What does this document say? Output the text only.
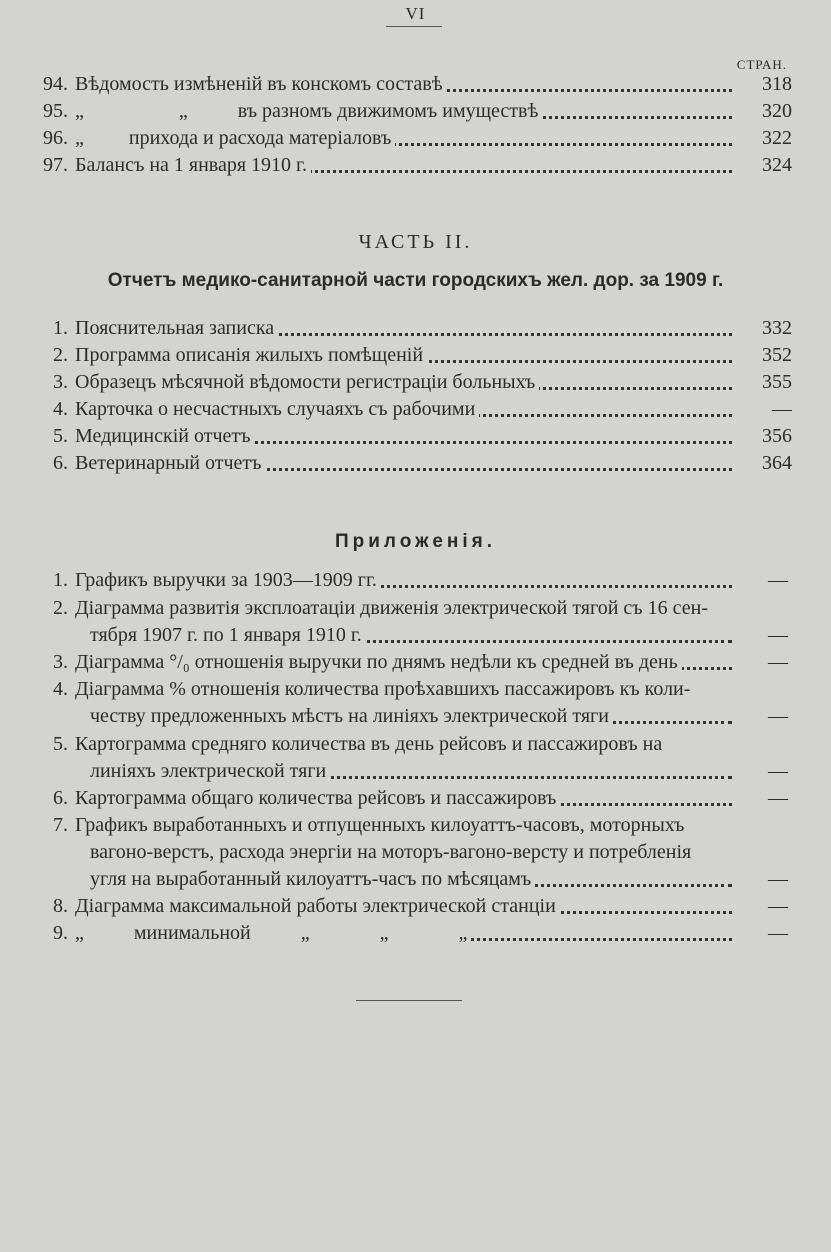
VI
СТРАН.
94. Вѣдомость измѣненій въ конскомъ составѣ	318
95. „                   „          въ разномъ движимомъ имуществѣ	320
96. „         прихода и расхода матеріаловъ	322
97. Балансъ на 1 января 1910 г.	324
ЧАСТЬ II.
Отчетъ медико-санитарной части городскихъ жел. дор. за 1909 г.
1. Пояснительная записка	332
2. Программа описанія жилыхъ помѣщеній	352
3. Образецъ мѣсячной вѣдомости регистраціи больныхъ	355
4. Карточка о несчастныхъ случаяхъ съ рабочими	—
5. Медицинскій отчетъ	356
6. Ветеринарный отчетъ	364
Приложенія.
1. Графикъ выручки за 1903—1909 гг.	—
2. Діаграмма развитія эксплоатаціи движенія электрической тягой съ 16 сен-
тября 1907 г. по 1 января 1910 г.	—
3. Діаграмма °/₀ отношенія выручки по днямъ недѣли къ средней въ день	—
4. Діаграмма % отношенія количества проѣхавшихъ пассажировъ къ коли-
честву предложенныхъ мѣстъ на линіяхъ электрической тяги	—
5. Картограмма средняго количества въ день рейсовъ и пассажировъ на
линіяхъ электрической тяги	—
6. Картограмма общаго количества рейсовъ и пассажировъ	—
7. Графикъ выработанныхъ и отпущенныхъ килоуаттъ-часовъ, моторныхъ
вагоно-верстъ, расхода энергіи на моторъ-вагоно-версту и потребленія
угля на выработанный килоуаттъ-часъ по мѣсяцамъ	—
8. Діаграмма максимальной работы электрической станціи	—
9. „          минимальной          „              „              „	—
